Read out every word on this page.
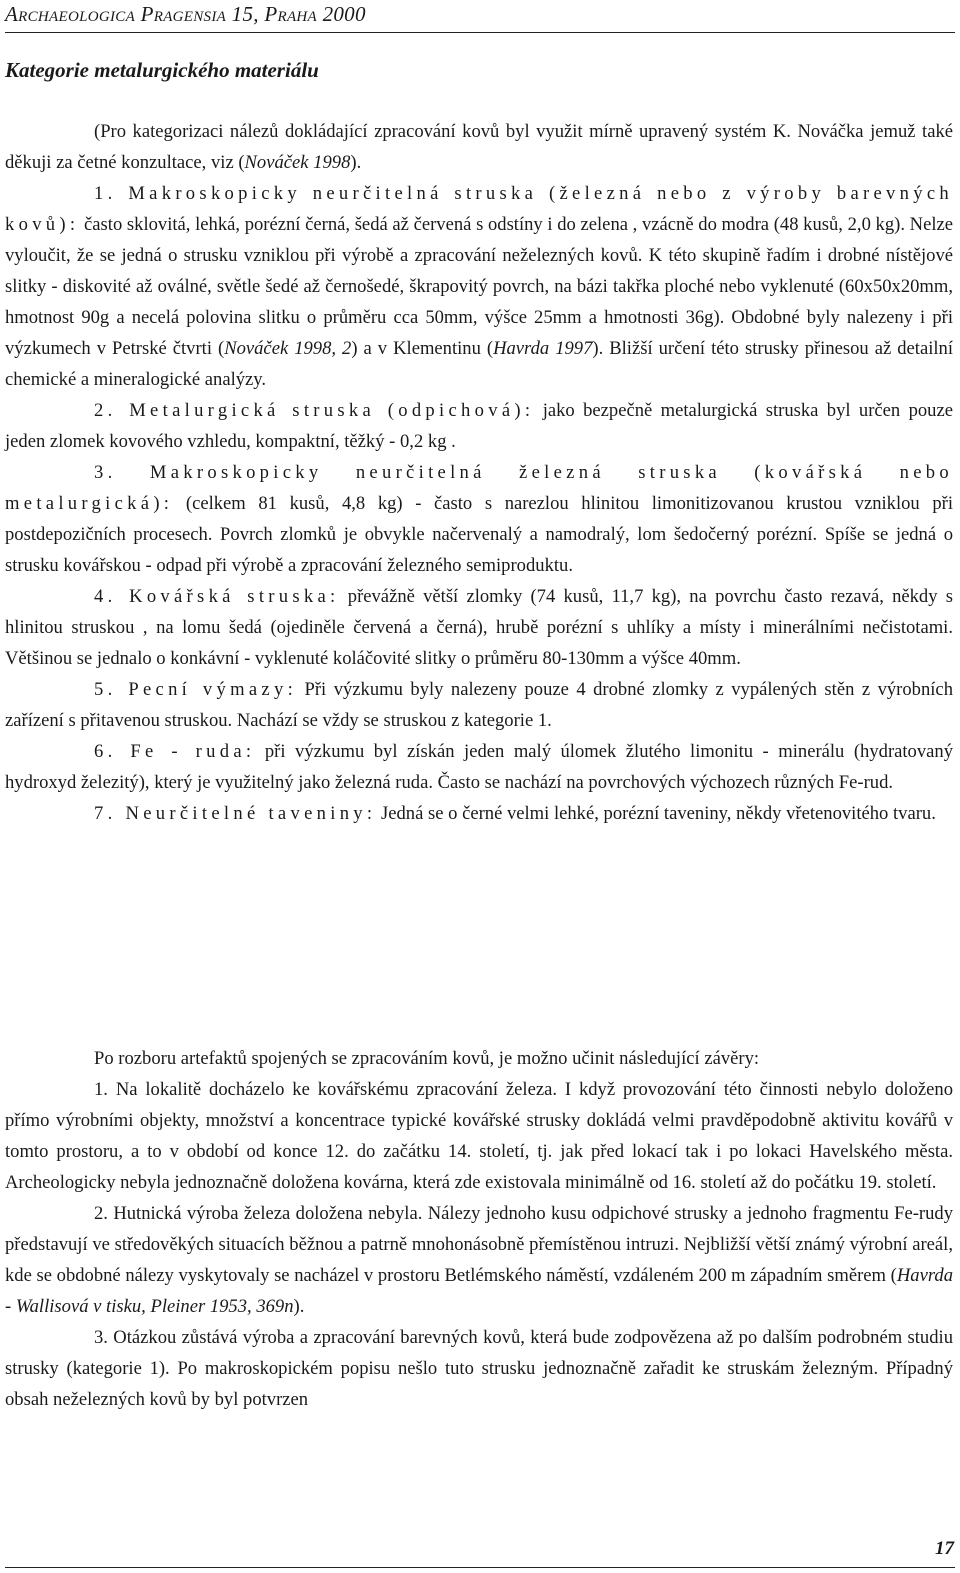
Archaeologica Pragensia 15, Praha 2000
Kategorie metalurgického materiálu

(Pro kategorizaci nálezů dokládající zpracování kovů byl využit mírně upravený systém K. Nováčka jemuž také děkuji za četné konzultace, viz (Nováček 1998).

1. Makroskopicky neurčitelná struska (železná nebo z výroby barevných kovů): často sklovitá, lehká, porézní černá, šedá až červená s odstíny i do zelena , vzácně do modra (48 kusů, 2,0 kg). Nelze vyloučit, že se jedná o strusku vzniklou při výrobě a zpracování neželezných kovů. K této skupině řadím i drobné nístějové slitky - diskovité až oválné, světle šedé až černošedé, škrapovitý povrch, na bázi takřka ploché nebo vyklenuté (60x50x20mm, hmotnost 90g a necelá polovina slitku o průměru cca 50mm, výšce 25mm a hmotnosti 36g). Obdobné byly nalezeny i při výzkumech v Petrské čtvrti (Nováček 1998, 2) a v Klementinu (Havrda 1997). Bližší určení této strusky přinesou až detailní chemické a mineralogické analýzy.

2. Metalurgická struska (odpichová): jako bezpečně metalurgická struska byl určen pouze jeden zlomek kovového vzhledu, kompaktní, těžký - 0,2 kg .

3. Makroskopicky neurčitelná železná struska (kovářská nebo metalurgická): (celkem 81 kusů, 4,8 kg) - často s narezlou hlinitou limonitizovanou krustou vzniklou při postdepozičních procesech. Povrch zlomků je obvykle načervenalý a namodralý, lom šedočerný porézní. Spíše se jedná o strusku kovářskou - odpad při výrobě a zpracování železného semiproduktu.

4. Kovářská struska: převážně větší zlomky (74 kusů, 11,7 kg), na povrchu často rezavá, někdy s hlinitou struskou , na lomu šedá (ojediněle červená a černá), hrubě porézní s uhlíky a místy i minerálními nečistotami. Většinou se jednalo o konkávní - vyklenuté koláčovité slitky o průměru 80-130mm a výšce 40mm.

5. Pecní výmazy: Při výzkumu byly nalezeny pouze 4 drobné zlomky z vypálených stěn z výrobních zařízení s přitavenou struskou. Nachází se vždy se struskou z kategorie 1.

6. Fe - ruda: při výzkumu byl získán jeden malý úlomek žlutého limonitu - minerálu (hydratovaný hydroxyd železitý), který je využitelný jako železná ruda. Často se nachází na povrchových výchozech různých Fe-rud.

7. Neurčitelné taveniny: Jedná se o černé velmi lehké, porézní taveniny, někdy vřetenovitého tvaru.

Po rozboru artefaktů spojených se zpracováním kovů, je možno učinit následující závěry:

1. Na lokalitě docházelo ke kovářskému zpracování železa. I když provozování této činnosti nebylo doloženo přímo výrobními objekty, množství a koncentrace typické kovářské strusky dokládá velmi pravděpodobně aktivitu kovářů v tomto prostoru, a to v období od konce 12. do začátku 14. století, tj. jak před lokací tak i po lokaci Havelského města. Archeologicky nebyla jednoznačně doložena kovárna, která zde existovala minimálně od 16. století až do počátku 19. století.

2. Hutnická výroba železa doložena nebyla. Nálezy jednoho kusu odpichové strusky a jednoho fragmentu Fe-rudy představují ve středověkých situacích běžnou a patrně mnohonásobně přemístěnou intruzi. Nejbližší větší známý výrobní areál, kde se obdobné nálezy vyskytovaly se nacházel v prostoru Betlémského náměstí, vzdáleném 200 m západním směrem (Havrda - Wallisová v tisku, Pleiner 1953, 369n).

3. Otázkou zůstává výroba a zpracování barevných kovů, která bude zodpovězena až po dalším podrobném studiu strusky (kategorie 1). Po makroskopickém popisu nešlo tuto strusku jednoznačně zařadit ke struskám železným. Případný obsah neželezných kovů by byl potvrzen

17
